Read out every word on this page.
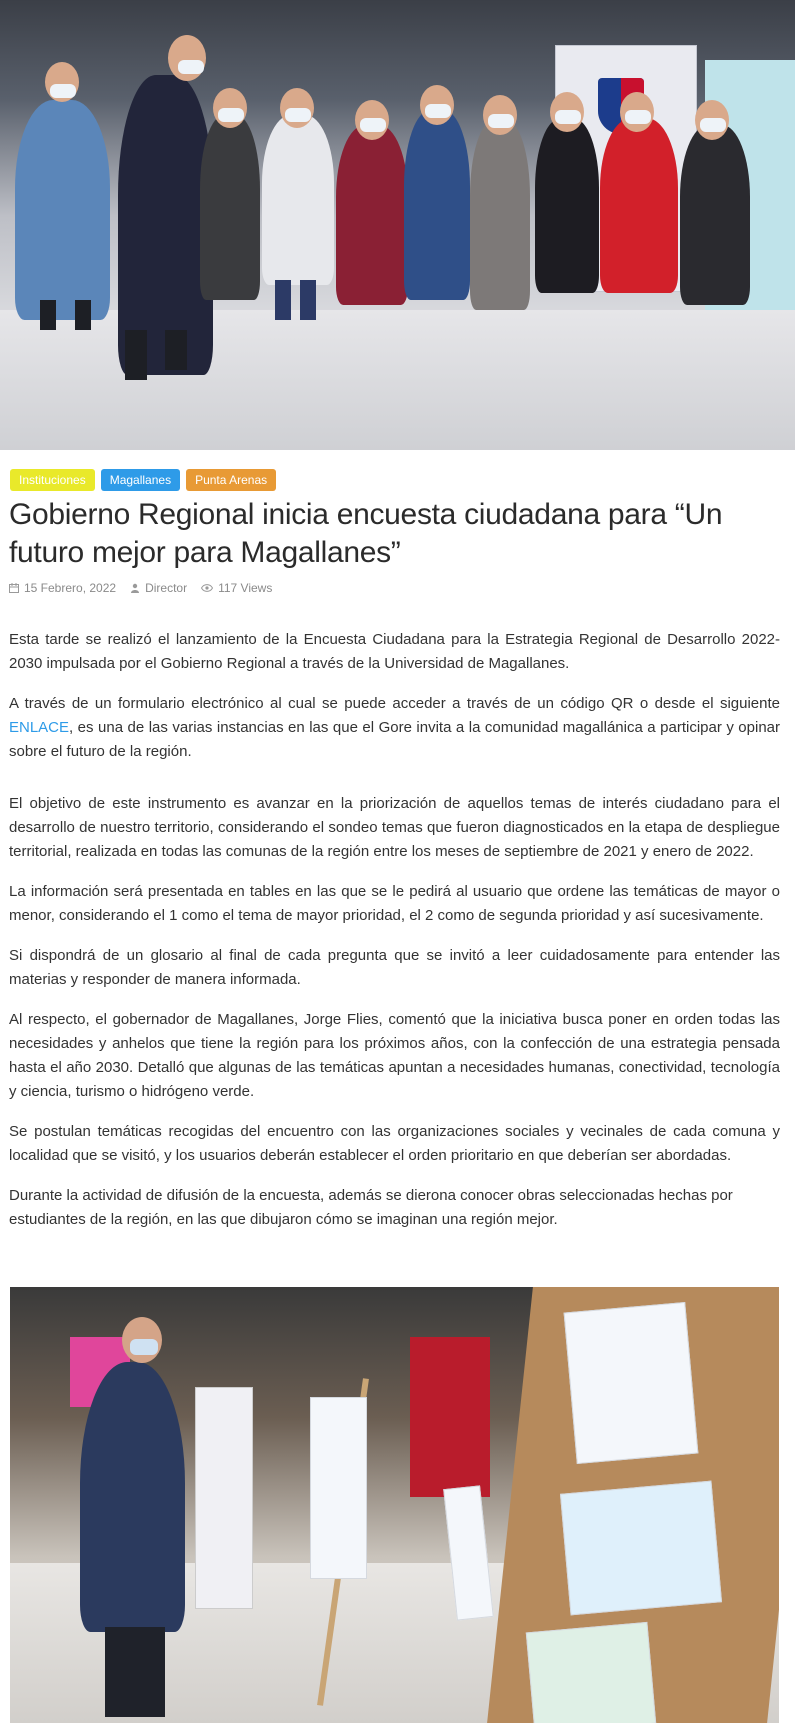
Instituciones	Magallanes	Punta Arenas
Gobierno Regional inicia encuesta ciudadana para “Un futuro mejor para Magallanes”
15 Febrero, 2022 Director	117 Views

Esta tarde se realizó el lanzamiento de la Encuesta Ciudadana para la Estrategia Regional de Desarrollo 2022-2030 impulsada por el Gobierno Regional a través de la Universidad de Magallanes.

A través de un formulario electrónico al cual se puede acceder a través de un código QR o desde el siguiente ENLACE, es una de las varias instancias en las que el Gore invita a la comunidad magallánica a participar y opinar sobre el futuro de la región.

El objetivo de este instrumento es avanzar en la priorización de aquellos temas de interés ciudadano para el desarrollo de nuestro territorio, considerando el sondeo temas que fueron diagnosticados en la etapa de despliegue territorial, realizada en todas las comunas de la región entre los meses de septiembre de 2021 y enero de 2022.

La información será presentada en tables en las que se le pedirá al usuario que ordene las temáticas de mayor o menor, considerando el 1 como el tema de mayor prioridad, el 2 como de segunda prioridad y así sucesivamente.

Si dispondrá de un glosario al final de cada pregunta que se invitó a leer cuidadosamente para entender las materias y responder de manera informada.

Al respecto, el gobernador de Magallanes, Jorge Flies, comentó que la iniciativa busca poner en orden todas las necesidades y anhelos que tiene la región para los próximos años, con la confección de una estrategia pensada hasta el año 2030. Detalló que algunas de las temáticas apuntan a necesidades humanas, conectividad, tecnología y ciencia, turismo o hidrógeno verde.

Se postulan temáticas recogidas del encuentro con las organizaciones sociales y vecinales de cada comuna y localidad que se visitó, y los usuarios deberán establecer el orden prioritario en que deberían ser abordadas.

Durante la actividad de difusión de la encuesta, además se dierona conocer obras seleccionadas hechas por estudiantes de la región, en las que dibujaron cómo se imaginan una región mejor.
